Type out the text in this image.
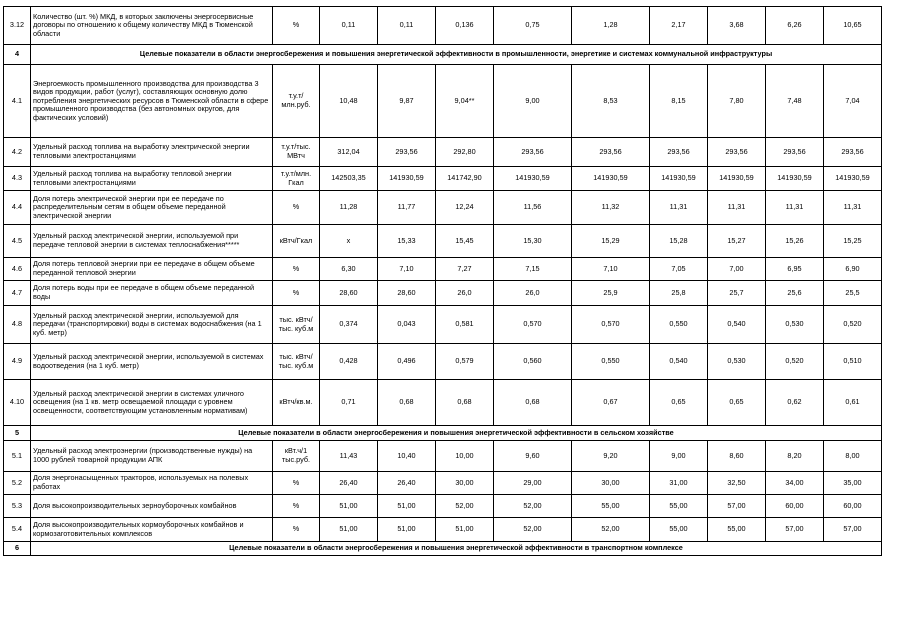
3.12	Количество (шт. %) МКД, в которых заключены энергосервисные договоры по отношению к общему количеству МКД в Тюменской области	%	0,11	0,11	0,136	0,75	1,28	2,17	3,68	6,26	10,65
4	Целевые показатели в области энергосбережения и повышения энергетической эффективности в промышленности, энергетике и системах коммунальной инфраструктуры										
4.1	Энергоемкость промышленного производства для производства 3 видов продукции, работ (услуг), составляющих основную долю потребления энергетических ресурсов в Тюменской области в сфере промышленного производства (без автономных округов, для фактических условий)	т.у.т/млн.руб.	10,48	9,87	9,04**	9,00	8,53	8,15	7,80	7,48	7,04
4.2	Удельный расход топлива на выработку электрической энергии тепловыми электростанциями	т.у.т/тыс. МВтч	312,04	293,56	292,80	293,56	293,56	293,56	293,56	293,56	293,56
4.3	Удельный расход топлива на выработку тепловой энергии тепловыми электростанциями	т.у.т/млн. Гкал	142503,35	141930,59	141742,90	141930,59	141930,59	141930,59	141930,59	141930,59	141930,59
4.4	Доля потерь электрической энергии при ее передаче по распределительным сетям в общем объеме переданной электрической энергии	%	11,28	11,77	12,24	11,56	11,32	11,31	11,31	11,31	11,31
4.5	Удельный расход электрической энергии, используемой при передаче тепловой энергии в системах теплоснабжения*****	кВтч/Гкал	х	15,33	15,45	15,30	15,29	15,28	15,27	15,26	15,25
4.6	Доля потерь тепловой энергии при ее передаче в общем объеме переданной тепловой энергии	%	6,30	7,10	7,27	7,15	7,10	7,05	7,00	6,95	6,90
4.7	Доля потерь воды при ее передаче в общем объеме переданной воды	%	28,60	28,60	26,0	26,0	25,9	25,8	25,7	25,6	25,5
4.8	Удельный расход электрической энергии, используемой для передачи (транспортировки) воды в системах водоснабжения (на 1 куб. метр)	тыс. кВтч/тыс. куб.м	0,374	0,043	0,581	0,570	0,570	0,550	0,540	0,530	0,520
4.9	Удельный расход электрической энергии, используемой в системах водоотведения (на 1 куб. метр)	тыс. кВтч/тыс. куб.м	0,428	0,496	0,579	0,560	0,550	0,540	0,530	0,520	0,510
4.10	Удельный расход электрической энергии в системах уличного освещения (на 1 кв. метр освещаемой площади с уровнем освещенности, соответствующим установленным нормативам)	кВтч/кв.м.	0,71	0,68	0,68	0,68	0,67	0,65	0,65	0,62	0,61
5	Целевые показатели в области энергосбережения и повышения энергетической эффективности в сельском хозяйстве										
5.1	Удельный расход электроэнергии (производственные нужды) на 1000 рублей товарной продукции АПК	кВт.ч/1 тыс.руб.	11,43	10,40	10,00	9,60	9,20	9,00	8,60	8,20	8,00
5.2	Доля энергонасыщенных тракторов, используемых на полевых работах	%	26,40	26,40	30,00	29,00	30,00	31,00	32,50	34,00	35,00
5.3	Доля высокопроизводительных зерноуборочных комбайнов	%	51,00	51,00	52,00	52,00	55,00	55,00	57,00	60,00	60,00
5.4	Доля высокопроизводительных кормоуборочных комбайнов и кормозаготовительных комплексов	%	51,00	51,00	51,00	52,00	52,00	55,00	55,00	57,00	57,00
6	Целевые показатели в области энергосбережения и повышения энергетической эффективности в транспортном комплексе										
